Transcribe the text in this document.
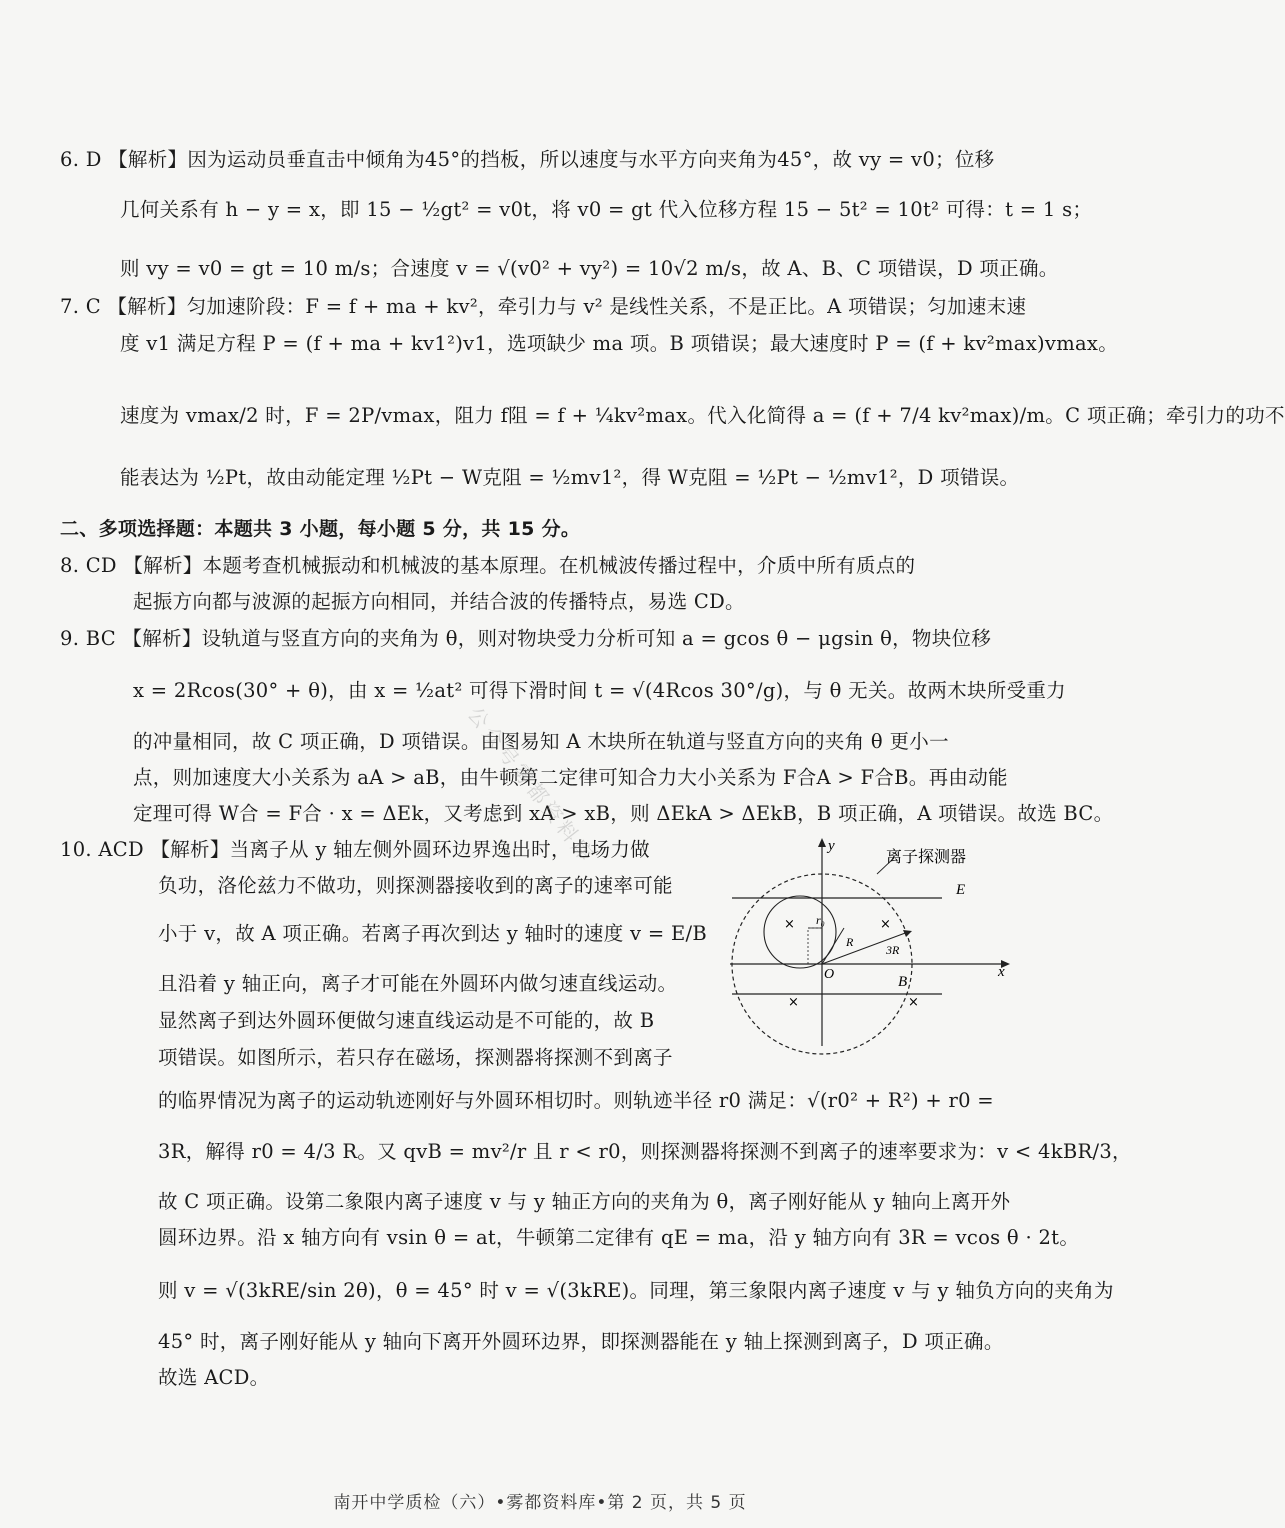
6. D 【解析】因为运动员垂直击中倾角为45°的挡板，所以速度与水平方向夹角为45°，故 vy = v0；位移
几何关系有 h − y = x，即 15 − ½gt² = v0t，将 v0 = gt 代入位移方程 15 − 5t² = 10t² 可得：t = 1 s；
则 vy = v0 = gt = 10 m/s；合速度 v = √(v0² + vy²) = 10√2 m/s，故 A、B、C 项错误，D 项正确。
7. C 【解析】匀加速阶段：F = f + ma + kv²，牵引力与 v² 是线性关系，不是正比。A 项错误；匀加速末速
度 v1 满足方程 P = (f + ma + kv1²)v1，选项缺少 ma 项。B 项错误；最大速度时 P = (f + kv²max)vmax。
速度为 vmax/2 时，F = 2P/vmax，阻力 f阻 = f + ¼kv²max。代入化简得 a = (f + 7/4 kv²max)/m。C 项正确；牵引力的功不
能表达为 ½Pt，故由动能定理 ½Pt − W克阻 = ½mv1²，得 W克阻 = ½Pt − ½mv1²，D 项错误。
二、多项选择题：本题共 3 小题，每小题 5 分，共 15 分。
8. CD 【解析】本题考查机械振动和机械波的基本原理。在机械波传播过程中，介质中所有质点的
起振方向都与波源的起振方向相同，并结合波的传播特点，易选 CD。
9. BC 【解析】设轨道与竖直方向的夹角为 θ，则对物块受力分析可知 a = gcos θ − μgsin θ，物块位移
x = 2Rcos(30° + θ)，由 x = ½at² 可得下滑时间 t = √(4Rcos 30°/g)，与 θ 无关。故两木块所受重力
的冲量相同，故 C 项正确，D 项错误。由图易知 A 木块所在轨道与竖直方向的夹角 θ 更小一
点，则加速度大小关系为 aA > aB，由牛顿第二定律可知合力大小关系为 F合A > F合B。再由动能
定理可得 W合 = F合 · x = ΔEk，又考虑到 xA > xB，则 ΔEkA > ΔEkB，B 项正确，A 项错误。故选 BC。
10. ACD 【解析】当离子从 y 轴左侧外圆环边界逸出时，电场力做
负功，洛伦兹力不做功，则探测器接收到的离子的速率可能
小于 v，故 A 项正确。若离子再次到达 y 轴时的速度 v = E/B
且沿着 y 轴正向，离子才可能在外圆环内做匀速直线运动。
显然离子到达外圆环便做匀速直线运动是不可能的，故 B
项错误。如图所示，若只存在磁场，探测器将探测不到离子
的临界情况为离子的运动轨迹刚好与外圆环相切时。则轨迹半径 r0 满足：√(r0² + R²) + r0 =
3R，解得 r0 = 4/3 R。又 qvB = mv²/r 且 r < r0，则探测器将探测不到离子的速率要求为：v < 4kBR/3，
故 C 项正确。设第二象限内离子速度 v 与 y 轴正方向的夹角为 θ，离子刚好能从 y 轴向上离开外
圆环边界。沿 x 轴方向有 vsin θ = at，牛顿第二定律有 qE = ma，沿 y 轴方向有 3R = vcos θ · 2t。
则 v = √(3kRE/sin 2θ)，θ = 45° 时 v = √(3kRE)。同理，第三象限内离子速度 v 与 y 轴负方向的夹角为
45° 时，离子刚好能从 y 轴向下离开外圆环边界，即探测器能在 y 轴上探测到离子，D 项正确。
故选 ACD。
×	×
×	×
离子探测器
y
x
E
B
O
r₀
R
3R
公众号雾都资料库
南开中学质检（六）•雾都资料库•第 2 页，共 5 页
